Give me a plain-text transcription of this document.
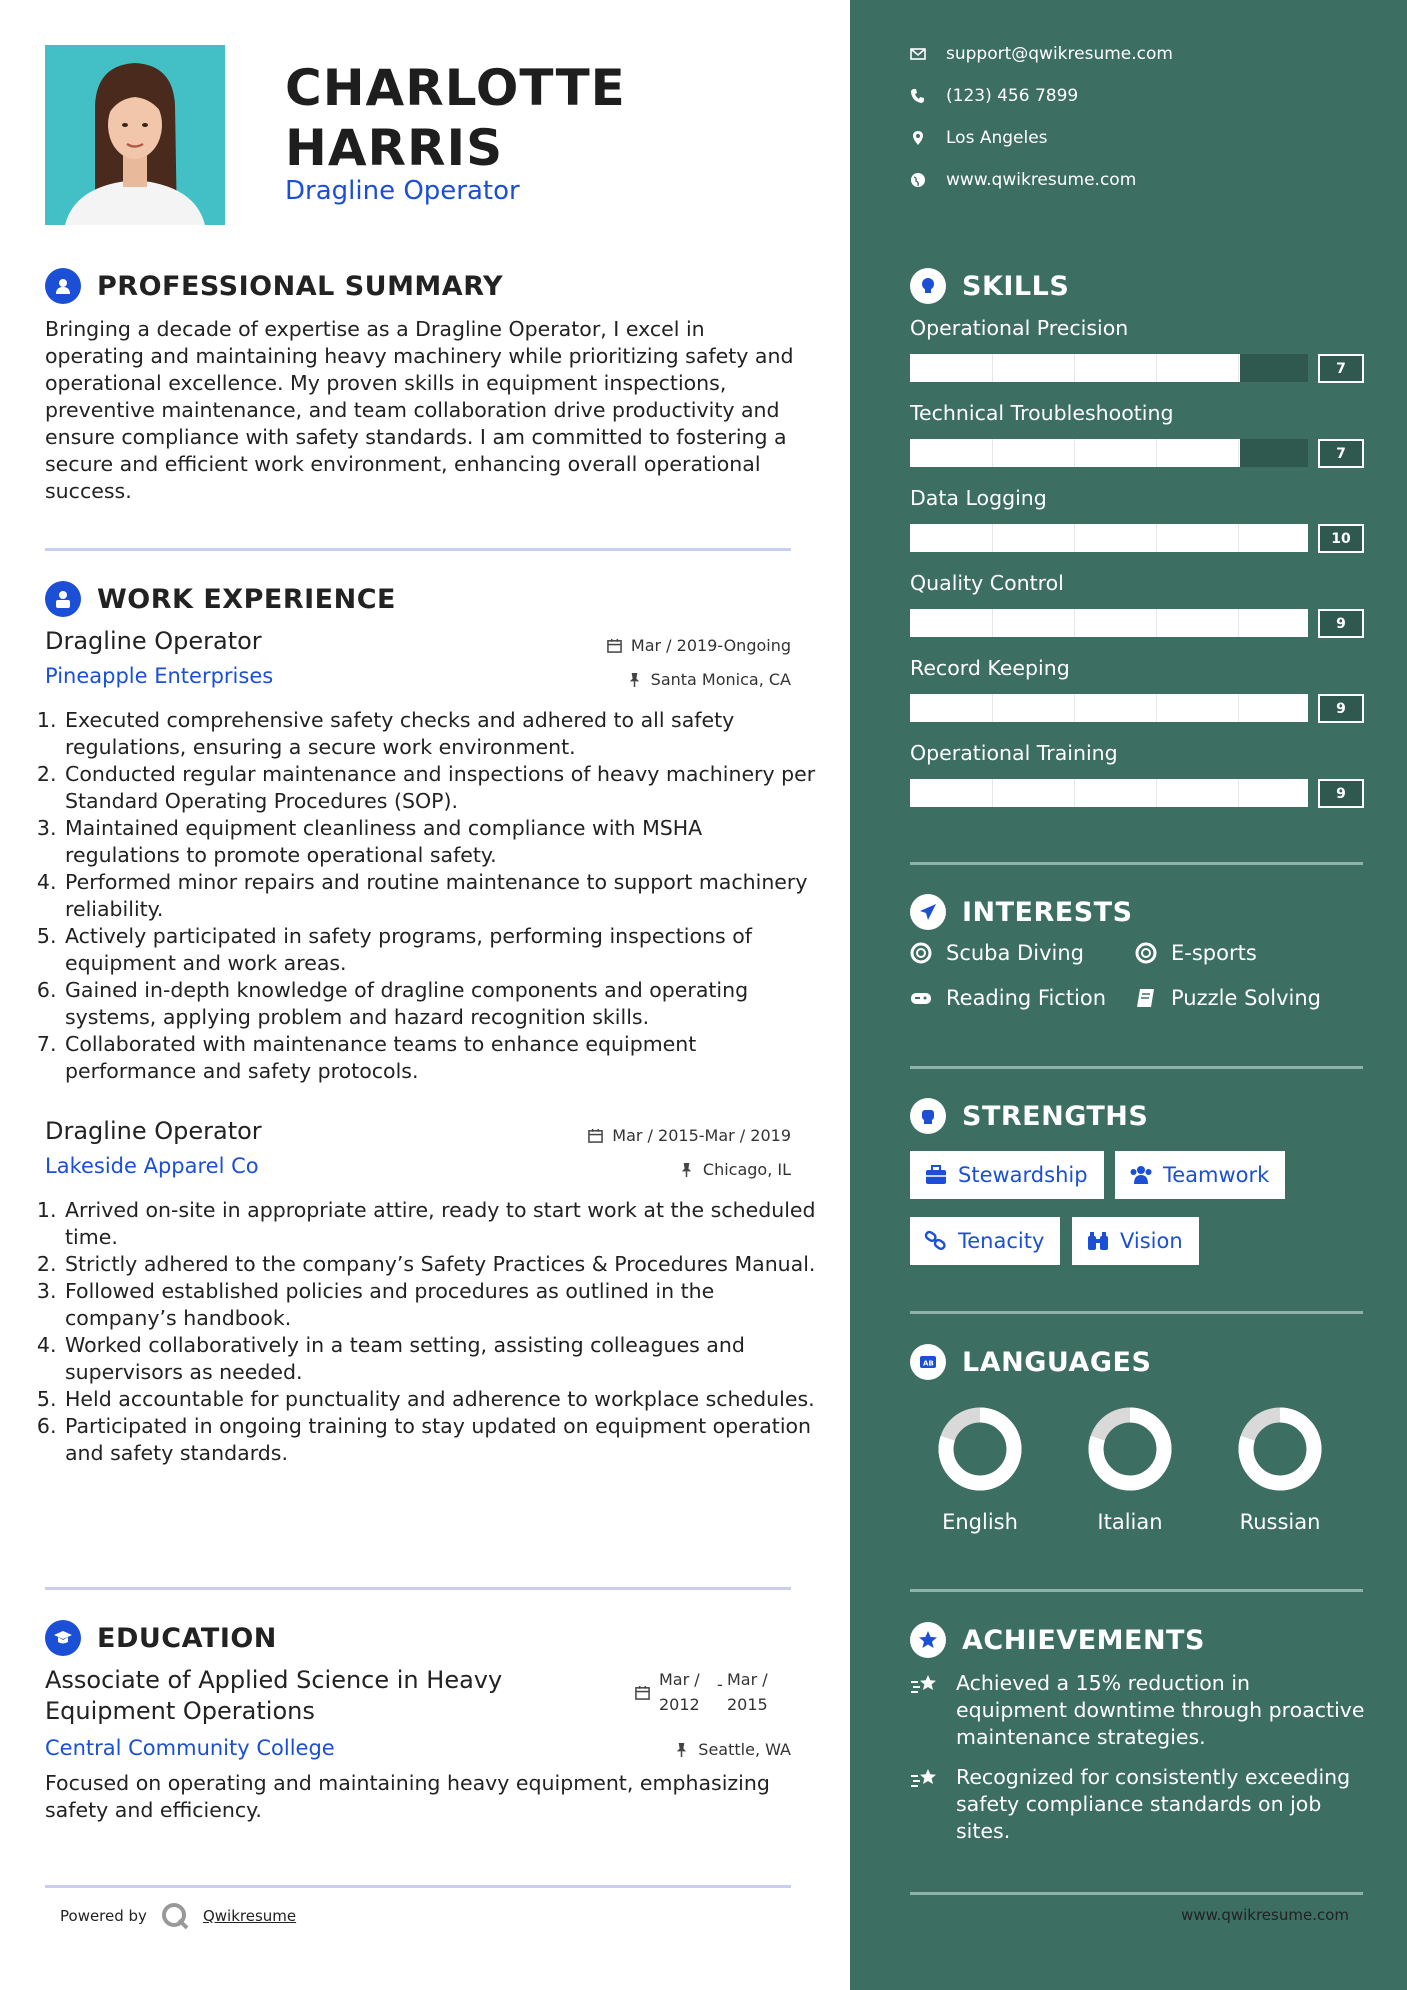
CHARLOTTE
HARRIS
Dragline Operator
PROFESSIONAL SUMMARY
Bringing a decade of expertise as a Dragline Operator, I excel in operating and maintaining heavy machinery while prioritizing safety and operational excellence. My proven skills in equipment inspections, preventive maintenance, and team collaboration drive productivity and ensure compliance with safety standards. I am committed to fostering a secure and efficient work environment, enhancing overall operational success.
WORK EXPERIENCE
Dragline Operator	Mar / 2019-Ongoing
Pineapple Enterprises	Santa Monica, CA
1. Executed comprehensive safety checks and adhered to all safety regulations, ensuring a secure work environment.
2. Conducted regular maintenance and inspections of heavy machinery per Standard Operating Procedures (SOP).
3. Maintained equipment cleanliness and compliance with MSHA regulations to promote operational safety.
4. Performed minor repairs and routine maintenance to support machinery reliability.
5. Actively participated in safety programs, performing inspections of equipment and work areas.
6. Gained in-depth knowledge of dragline components and operating systems, applying problem and hazard recognition skills.
7. Collaborated with maintenance teams to enhance equipment performance and safety protocols.
Dragline Operator	Mar / 2015-Mar / 2019
Lakeside Apparel Co	Chicago, IL
1. Arrived on-site in appropriate attire, ready to start work at the scheduled time.
2. Strictly adhered to the company’s Safety Practices & Procedures Manual.
3. Followed established policies and procedures as outlined in the company’s handbook.
4. Worked collaboratively in a team setting, assisting colleagues and supervisors as needed.
5. Held accountable for punctuality and adherence to workplace schedules.
6. Participated in ongoing training to stay updated on equipment operation and safety standards.
EDUCATION
Associate of Applied Science in Heavy Equipment Operations
Mar /
2012
- Mar /
2015
Central Community College	Seattle, WA
Focused on operating and maintaining heavy equipment, emphasizing safety and efficiency.
Powered by	Qwikresume
support@qwikresume.com
(123) 456 7899
Los Angeles
www.qwikresume.com
SKILLS
Operational Precision
7
Technical Troubleshooting
7
Data Logging
10
Quality Control
9
Record Keeping
9
Operational Training
9
INTERESTS
Scuba Diving	E-sports
Reading Fiction	Puzzle Solving
STRENGTHS
Stewardship	Teamwork
Tenacity	Vision
AB LANGUAGES
English	Italian	Russian
ACHIEVEMENTS
Achieved a 15% reduction in equipment downtime through proactive maintenance strategies.
Recognized for consistently exceeding safety compliance standards on job sites.
www.qwikresume.com
